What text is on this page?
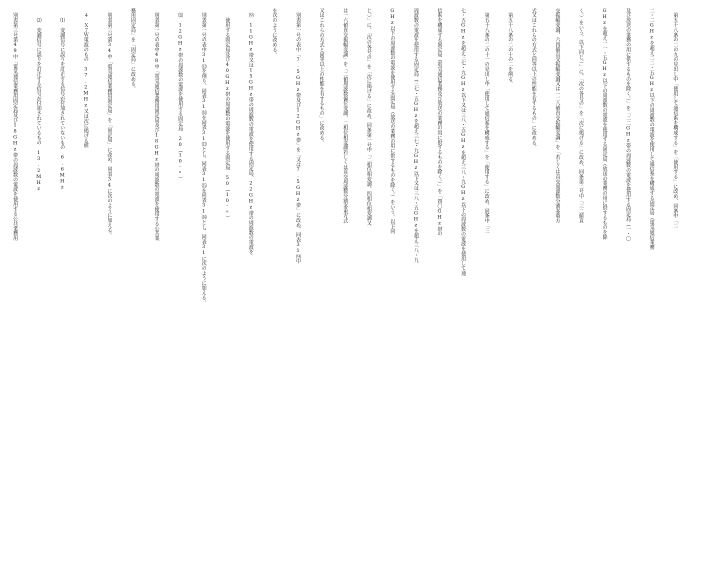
　第五十八条の二の九の見出し中「使用して通信系を構成する」を「使用する」に改め、同条中「二

二・二GHzを超え二二・五GHz以下の周波数の電波を使用して通信系を構成する固定局（電気通信業務

及び放送の業務の用に供するものを除く。）」を「二二GHz帯の周波数の電波を使用する固定局（一・〇

GHzを超え一一・五GHz以下の周波数の電波を使用する固定局（放送の業務の用に供するものを除

く。）をいう。以下同じ。）」に、「次の各号の」を「次に掲げる」に改め、同条第二号中「三二値直

交振幅変調、六四値直交振幅変調又は一二八値直交振幅変調」を「若しくは直交周波数分割多重方

式又はこれらの方式と同等以上の性能を有するもの」に改める。

　第五十八条の二の十の二を削る。

　第五十八条の二の十一の見出し中「使用して通信系を構成する」を「使用する」に改め、同条中「三

七・五GHzを超え三七・九GHz以下又は三八・五GHzを超え三八・九GHz以下の周波数の電波を使用して通

信系を構成する固定局（電気通信業務及び放送の業務の用に供するものを除く。）」を「四〇GHz帯の

周波数の電波を使用する固定局（三七・五GHzを超え三七・九GHz以下又は三八・五GHzを超え三八・九

GHz以下の周波数の電波を使用する固定局（放送の業務の用に供するものを除く。）をいう。以下同

じ。）」に、「次の各号の」を「次に掲げる」に改め、同条第一号中「二相位相変調、四相位相変調又

は一六値直交振幅変調」を「二値周波数偏位変調、二相位相変調若しくは直交周波数分割多重方式

又はこれらの方式と同等以上の性能を有するもの」に改める。

　別表第一号の表中「7.5GHz帯及び12GHz帯」を「又は7.5GHz帯」に改め、同表31⑼中

を次のように改める。

　⑼　11GHz帯又は15GHz帯の周波数の電波を使用する固定局、22GHz帯の周波数の電波を

　　使用する固定局及び40GHz帯の周波数の電波を使用する固定局　50（10⁻⁶）

　別表第一号の表中31⒀を削り、同表31⒁を同表31⒀とし、同表31⒂を同表31⒁とし、同表31に次のように加える。

　⒂　12GHz帯の周波数の電波を使用する固定局　20（10⁻⁶）

　別表第一号の表中48中「電気通信業務用固定局及び18GHz帯の周波数の電波を使用する公共業

務用固定局」を「固定局」に改める。

　別表第三号第34中「電気通信業務用固定局」を「固定局」に改め、同表34に次のように加える。

　４　Ｘ７Ｗ電波のもの　37.2MHz又は次に掲げる値

　　⑴　変調信号に誤りを訂正する信号が付加されていないもの　6.6MHz

　　⑵　変調信号に誤りを訂正する信号が付加されているもの　13.2MHz

　別表第三号第49中「電気通信業務用固定局及び18GHz帯の周波数の電波を使用する公共業務用
